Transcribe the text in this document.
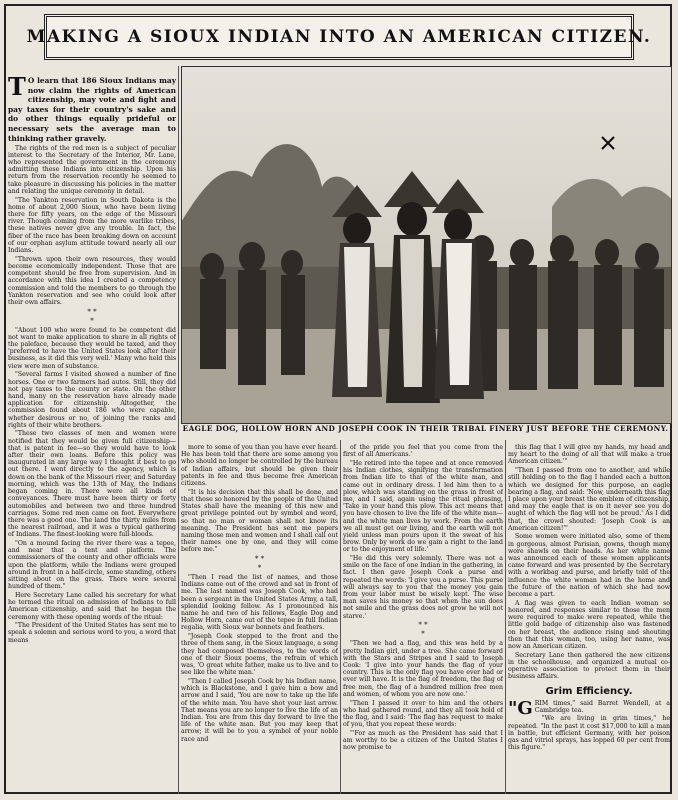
MAKING A SIOUX INDIAN INTO AN AMERICAN CITIZEN.

T O learn that 186 Sioux Indians may now claim the rights of American citizenship, may vote and fight and pay taxes for their country's sake and do other things equally prideful or necessary sets the average man to thinking rather gravely.

The rights of the red men is a subject of peculiar interest to the Secretary of the Interior, Mr. Lane, who represented the government in the ceremony admitting these Indians into citizenship. Upon his return from the reservation recently he seemed to take pleasure in discussing his policies in the matter and relating the unique ceremony in detail.

"The Yankton reservation in South Dakota is the home of about 2,000 Sioux, who have been living there for fifty years, on the edge of the Missouri river. Though coming from the more warlike tribes, these natives never give any trouble. In fact, the fiber of the race has been breaking down on account of our orphan asylum attitude toward nearly all our Indians.

"Thrown upon their own resources, they would become economically independent. Those that are competent should be free from supervision. And in accordance with this idea I created a competency commission and told the members to go through the Yankton reservation and see who could look after their own affairs.

* *
*

"About 100 who were found to be competent did not want to make application to share in all rights of the paleface, because they would be taxed, and they 'preferred to have the United States look after their business, as it did this very well.' Many who held this view were men of substance.

"Several farms I visited showed a number of fine horses. One or two farmers had autos. Still, they did not pay taxes to the county or state. On the other hand, many on the reservation have already made application for citizenship. Altogether, the commission found about 186 who were capable, whether desirous or no, of joining the ranks and rights of their white brothers.

"These two classes of men and women were notified that they would be given full citizenship—that is patent in fee—so they would have to look after their own loans. Before this policy was inaugurated in any large way I thought it best to go out there. I went directly to the agency, which is down on the bank of the Missouri river, and Saturday morning, which was the 13th of May, the Indians began coming in. There were all kinds of conveyances. There must have been thirty or forty automobiles and between two and three hundred carriages. Some red men came on foot. Everywhere there was a good one. The land the thirty miles from the nearest railroad, and it was a typical gathering of Indians. The finest-looking were full-bloods.

"On a mound facing the river there was a tepee, and near that a tent and platform. The commissioners of the county and other officials were upon the platform, while the Indians were grouped around in front in a half-circle, some standing, others sitting about on the grass. There were several hundred of them."

Here Secretary Lane called his secretary for what he termed the ritual on admission of Indians to full American citizenship, and said that he began the ceremony with these opening words of the ritual:

"The President of the United States has sent me to speak a solemn and serious word to you, a word that means

EAGLE DOG, HOLLOW HORN AND JOSEPH COOK IN THEIR TRIBAL FINERY JUST BEFORE THE CEREMONY.

more to some of you than you have ever heard. He has been told that there are some among you who should no longer be controlled by the bureau of Indian affairs, but should be given their patents in fee and thus become free American citizens.

"It is his decision that this shall be done, and that those so honored by the people of the United States shall have the meaning of this new and great privilege pointed out by symbol and word, so that no man or woman shall not know its meaning. The President has sent me papers naming those men and women and I shall call out their names one by one, and they will come before me."

* *
*

"Then I read the list of names, and those Indians came out of the crowd and sat in front of me. The last named was Joseph Cook, who had been a sergeant in the United States Army, a tall, splendid looking fellow. As I pronounced his name he and two of his fellows, Eagle Dog and Hollow Horn, came out of the tepee in full Indian regalia, with Sioux war bonnets and feathers.

"Joseph Cook stepped to the front and the three of them sang, in the Sioux language, a song they had composed themselves, to the words of one of their Sioux poems, the refrain of which was, 'O great white father, make us to live and to see like the white man.'

"Then I called Joseph Cook by his Indian name, which is Blackstone, and I gave him a bow and arrow and I said, 'You are now to take up the life of the white man. You have shot your last arrow. That means you are no longer to live the life of an Indian. You are from this day forward to live the life of the white man. But you may keep that arrow; it will be to you a symbol of your noble race and

of the pride you feel that you come from the first of all Americans.'

"He retired into the tepee and at once removed his Indian clothes, signifying the transformation from Indian life to that of the white man, and came out in ordinary dress. I led him then to a plow, which was standing on the grass in front of me, and I said, again using the ritual phrasing, 'Take in your hand this plow. This act means that you have chosen to live the life of the white man—and the white man lives by work. From the earth we all must get our living, and the earth will not yield unless man pours upon it the sweat of his brow. Only by work do we gain a right to the land or to the enjoyment of life.'

"He did this very solemnly. There was not a smile on the face of one Indian in the gathering, in fact. I then gave Joseph Cook a purse and repeated the words: 'I give you a purse. This purse will always say to you that the money you gain from your labor must be wisely kept. The wise man saves his money so that when the sun does not smile and the grass does not grow he will not starve.'

* *
*

"Then we had a flag, and this was held by a pretty Indian girl, under a tree. She came forward with the Stars and Stripes and I said to Joseph Cook: 'I give into your hands the flag of your country. This is the only flag you have ever had or ever will have. It is the flag of freedom, the flag of free men, the flag of a hundred million free men and women, of whom you are now one.'

"Then I passed it over to him and the others who had gathered round, and they all took hold of the flag, and I said: 'The flag has request to make of you, that you repeat these words:

"'For as much as the President has said that I am worthy to be a citizen of the United States I now promise to

this flag that I will give my hands, my head and my heart to the doing of all that will make a true American citizen.'"

"Then I passed from one to another, and while still holding on to the flag I handed each a button which we designed for this purpose, an eagle bearing a flag, and said: 'Now, underneath this flag I place upon your breast the emblem of citizenship, and may the eagle that is on it never see you do aught of which the flag will not be proud.' As I did that, the crowd shouted: 'Joseph Cook is an American citizen!'"

Some women were initiated also, some of them in gorgeous, almost Parisian, gowns, though many wore shawls on their heads. As her white name was announced each of these women applicants came forward and was presented by the Secretary with a workbag and purse, and briefly told of the influence the white woman had in the home and the future of the nation of which she had now become a part.

A flag was given to each Indian woman so honored, and responses similar to those the men were required to make were repeated, while the little gold badge of citizenship also was fastened on her breast, the audience rising and shouting then that this woman, too, using her name, was now an American citizen.

Secretary Lane then gathered the new citizens in the schoolhouse, and organized a mutual co-operative association to protect them in their business affairs.

Grim Efficiency.

"GRIM times," said Barret Wendell, at a Cambridge tea.

"We are living in grim times," he repeated. "In the past it cost $17,000 to kill a man in battle, but efficient Germany, with her poison gas and vitriol sprays, has lopped 60 per cent from this figure."
